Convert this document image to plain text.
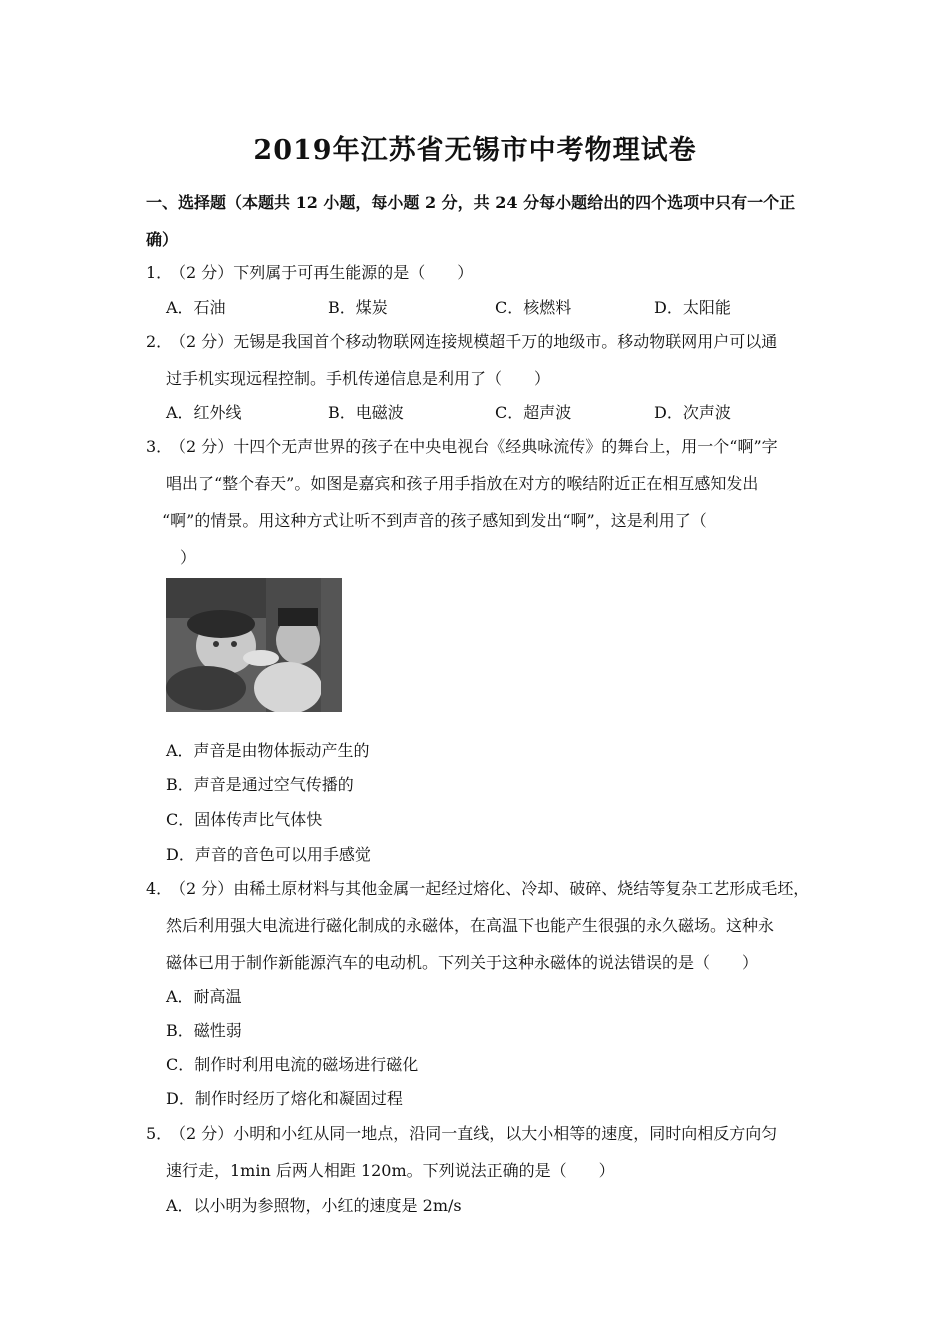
2019年江苏省无锡市中考物理试卷
一、选择题（本题共 12 小题，每小题 2 分，共 24 分每小题给出的四个选项中只有一个正
确）
1．
（2 分）下列属于可再生能源的是（　　）
A．石油	B．煤炭	C．核燃料	D．太阳能
2．
（2 分）无锡是我国首个移动物联网连接规模超千万的地级市。移动物联网用户可以通
过手机实现远程控制。手机传递信息是利用了（　　）
A．红外线	B．电磁波	C．超声波	D．次声波
3．
（2 分）十四个无声世界的孩子在中央电视台《经典咏流传》的舞台上，用一个“啊”字
唱出了“整个春天”。如图是嘉宾和孩子用手指放在对方的喉结附近正在相互感知发出
“啊”的情景。用这种方式让听不到声音的孩子感知到发出“啊”，这是利用了（
）
A．声音是由物体振动产生的
B．声音是通过空气传播的
C．固体传声比气体快
D．声音的音色可以用手感觉
4．
（2 分）由稀土原材料与其他金属一起经过熔化、冷却、破碎、烧结等复杂工艺形成毛坯，
然后利用强大电流进行磁化制成的永磁体，在高温下也能产生很强的永久磁场。这种永
磁体已用于制作新能源汽车的电动机。下列关于这种永磁体的说法错误的是（　　）
A．耐高温
B．磁性弱
C．制作时利用电流的磁场进行磁化
D．制作时经历了熔化和凝固过程
5．
（2 分）小明和小红从同一地点，沿同一直线，以大小相等的速度，同时向相反方向匀
速行走，1min 后两人相距 120m。下列说法正确的是（　　）
A．以小明为参照物，小红的速度是 2m/s
